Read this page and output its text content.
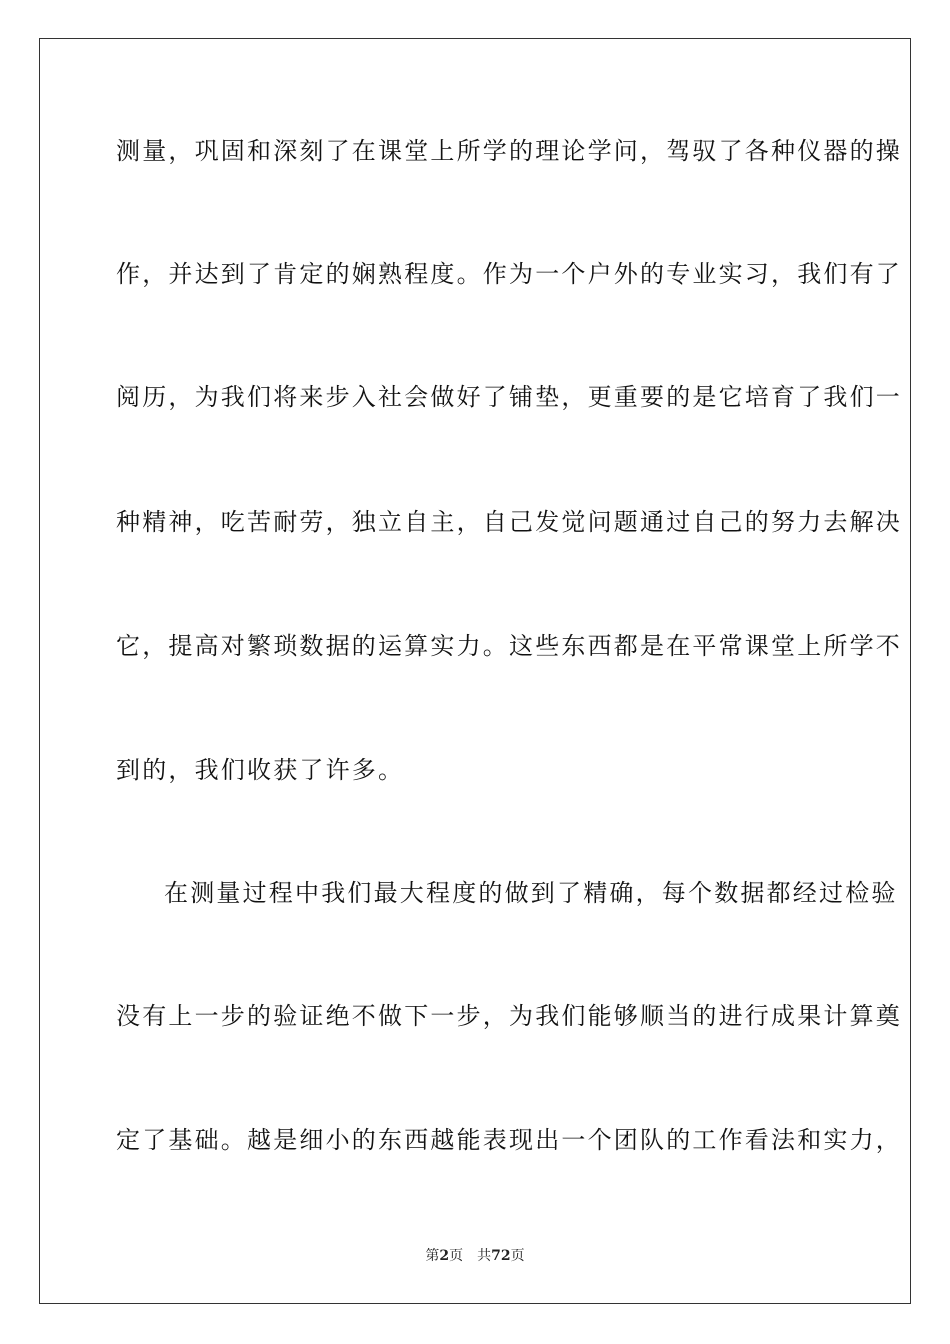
测量，巩固和深刻了在课堂上所学的理论学问，驾驭了各种仪器的操
作，并达到了肯定的娴熟程度。作为一个户外的专业实习，我们有了
阅历，为我们将来步入社会做好了铺垫，更重要的是它培育了我们一
种精神，吃苦耐劳，独立自主，自己发觉问题通过自己的努力去解决
它，提高对繁琐数据的运算实力。这些东西都是在平常课堂上所学不
到的，我们收获了许多。
在测量过程中我们最大程度的做到了精确，每个数据都经过检验
没有上一步的验证绝不做下一步，为我们能够顺当的进行成果计算奠
定了基础。越是细小的东西越能表现出一个团队的工作看法和实力，
第2页 共72页
